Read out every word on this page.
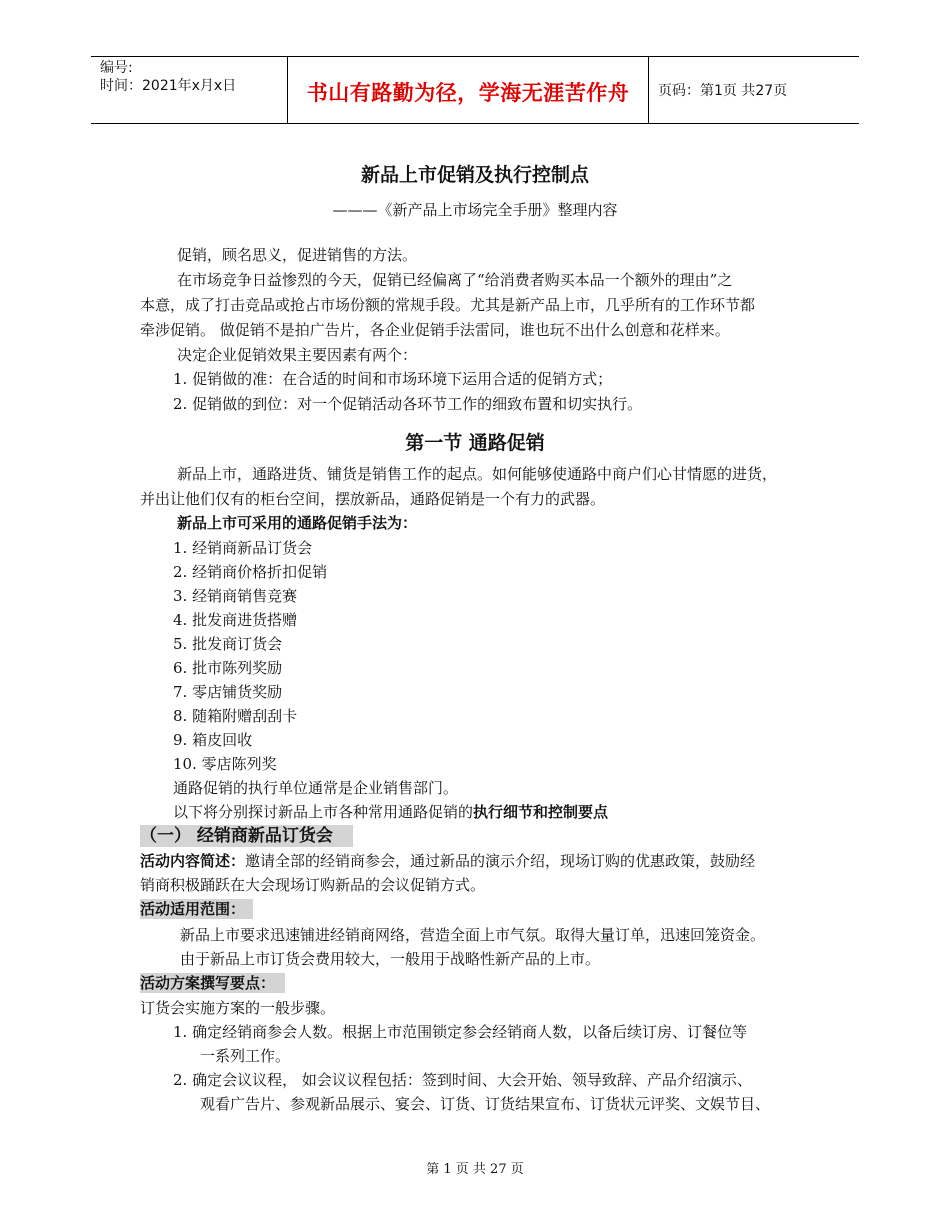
编号:
时间：2021年x月x日	书山有路勤为径，学海无涯苦作舟	页码：第1页 共27页
新品上市促销及执行控制点
———《新产品上市场完全手册》整理内容
促销，顾名思义，促进销售的方法。
在市场竞争日益惨烈的今天，促销已经偏离了“给消费者购买本品一个额外的理由”之
本意，成了打击竞品或抢占市场份额的常规手段。尤其是新产品上市，几乎所有的工作环节都
牵涉促销。 做促销不是拍广告片，各企业促销手法雷同，谁也玩不出什么创意和花样来。
决定企业促销效果主要因素有两个：
1. 促销做的准：在合适的时间和市场环境下运用合适的促销方式；
2. 促销做的到位：对一个促销活动各环节工作的细致布置和切实执行。
第一节 通路促销
新品上市，通路进货、铺货是销售工作的起点。如何能够使通路中商户们心甘情愿的进货，
并出让他们仅有的柜台空间，摆放新品，通路促销是一个有力的武器。
新品上市可采用的通路促销手法为：
1. 经销商新品订货会
2. 经销商价格折扣促销
3. 经销商销售竞赛
4. 批发商进货搭赠
5. 批发商订货会
6. 批市陈列奖励
7. 零店铺货奖励
8. 随箱附赠刮刮卡
9. 箱皮回收
10. 零店陈列奖
通路促销的执行单位通常是企业销售部门。
以下将分别探讨新品上市各种常用通路促销的执行细节和控制要点
（一） 经销商新品订货会
活动内容简述：邀请全部的经销商参会，通过新品的演示介绍，现场订购的优惠政策，鼓励经
销商积极踊跃在大会现场订购新品的会议促销方式。
活动适用范围：
新品上市要求迅速铺进经销商网络，营造全面上市气氛。取得大量订单，迅速回笼资金。
由于新品上市订货会费用较大，一般用于战略性新产品的上市。
活动方案撰写要点：
订货会实施方案的一般步骤。
1. 确定经销商参会人数。根据上市范围锁定参会经销商人数，以备后续订房、订餐位等
一系列工作。
2. 确定会议议程， 如会议议程包括：签到时间、大会开始、领导致辞、产品介绍演示、
观看广告片、参观新品展示、宴会、订货、订货结果宣布、订货状元评奖、文娱节目、
第 1 页 共 27 页
